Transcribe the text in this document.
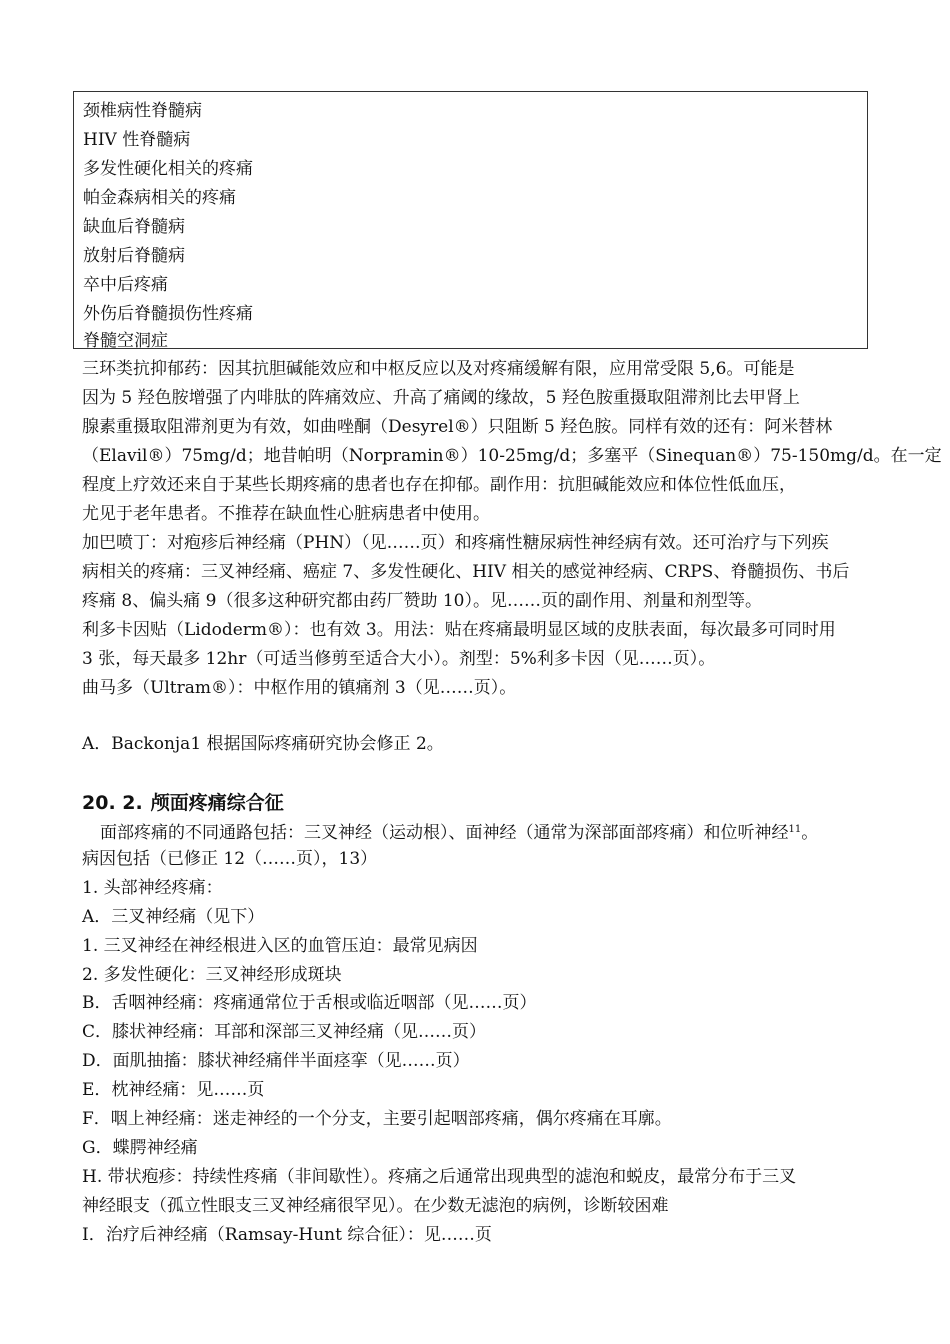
颈椎病性脊髓病
HIV 性脊髓病
多发性硬化相关的疼痛
帕金森病相关的疼痛
缺血后脊髓病
放射后脊髓病
卒中后疼痛
外伤后脊髓损伤性疼痛
脊髓空洞症
三环类抗抑郁药：因其抗胆碱能效应和中枢反应以及对疼痛缓解有限，应用常受限 5,6。可能是
因为 5 羟色胺增强了内啡肽的阵痛效应、升高了痛阈的缘故，5 羟色胺重摄取阻滞剂比去甲肾上
腺素重摄取阻滞剂更为有效，如曲唑酮（Desyrel®）只阻断 5 羟色胺。同样有效的还有：阿米替林
（Elavil®）75mg/d；地昔帕明（Norpramin®）10-25mg/d；多塞平（Sinequan®）75-150mg/d。在一定
程度上疗效还来自于某些长期疼痛的患者也存在抑郁。副作用：抗胆碱能效应和体位性低血压，
尤见于老年患者。不推荐在缺血性心脏病患者中使用。
加巴喷丁：对疱疹后神经痛（PHN）（见……页）和疼痛性糖尿病性神经病有效。还可治疗与下列疾
病相关的疼痛：三叉神经痛、癌症 7、多发性硬化、HIV 相关的感觉神经病、CRPS、脊髓损伤、书后
疼痛 8、偏头痛 9（很多这种研究都由药厂赞助 10）。见……页的副作用、剂量和剂型等。
利多卡因贴（Lidoderm®）：也有效 3。用法：贴在疼痛最明显区域的皮肤表面，每次最多可同时用
3 张，每天最多 12hr（可适当修剪至适合大小）。剂型：5%利多卡因（见……页）。
曲马多（Ultram®）：中枢作用的镇痛剂 3（见……页）。
A．Backonja1 根据国际疼痛研究协会修正 2。
20. 2. 颅面疼痛综合征
面部疼痛的不同通路包括：三叉神经（运动根）、面神经（通常为深部面部疼痛）和位听神经$^{11}$。
病因包括（已修正 12（……页），13）
1. 头部神经疼痛：
A．三叉神经痛（见下）
1. 三叉神经在神经根进入区的血管压迫：最常见病因
2. 多发性硬化：三叉神经形成斑块
B．舌咽神经痛：疼痛通常位于舌根或临近咽部（见……页）
C．膝状神经痛：耳部和深部三叉神经痛（见……页）
D．面肌抽搐：膝状神经痛伴半面痉挛（见……页）
E．枕神经痛：见……页
F．咽上神经痛：迷走神经的一个分支，主要引起咽部疼痛，偶尔疼痛在耳廓。
G．蝶腭神经痛
H. 带状疱疹：持续性疼痛（非间歇性）。疼痛之后通常出现典型的滤泡和蜕皮，最常分布于三叉
神经眼支（孤立性眼支三叉神经痛很罕见）。在少数无滤泡的病例，诊断较困难
I．治疗后神经痛（Ramsay-Hunt 综合征）：见……页
